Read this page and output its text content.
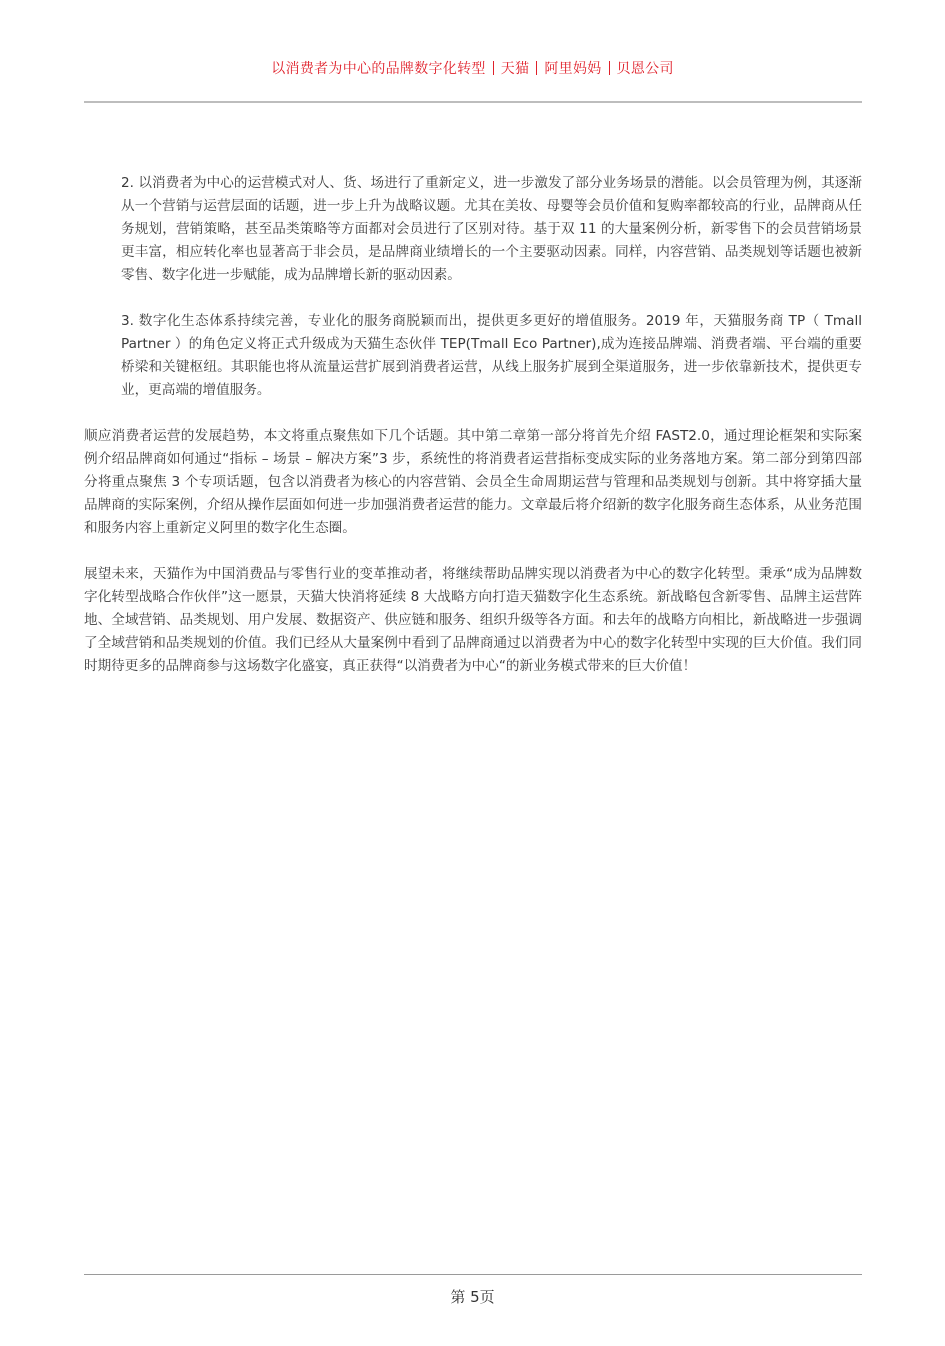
以消费者为中心的品牌数字化转型 天猫 阿里妈妈 贝恩公司

2. 以消费者为中心的运营模式对人、货、场进行了重新定义，进一步激发了部分业务场景的潜能。以会员管理为例，其逐渐从一个营销与运营层面的话题，进一步上升为战略议题。尤其在美妆、母婴等会员价值和复购率都较高的行业，品牌商从任务规划，营销策略，甚至品类策略等方面都对会员进行了区别对待。基于双 11 的大量案例分析，新零售下的会员营销场景更丰富，相应转化率也显著高于非会员，是品牌商业绩增长的一个主要驱动因素。同样，内容营销、品类规划等话题也被新零售、数字化进一步赋能，成为品牌增长新的驱动因素。

3. 数字化生态体系持续完善，专业化的服务商脱颖而出，提供更多更好的增值服务。2019 年，天猫服务商 TP（ Tmall Partner ）的角色定义将正式升级成为天猫生态伙伴 TEP(Tmall Eco Partner),成为连接品牌端、消费者端、平台端的重要桥梁和关键枢纽。其职能也将从流量运营扩展到消费者运营，从线上服务扩展到全渠道服务，进一步依靠新技术，提供更专业，更高端的增值服务。

顺应消费者运营的发展趋势，本文将重点聚焦如下几个话题。其中第二章第一部分将首先介绍 FAST2.0，通过理论框架和实际案例介绍品牌商如何通过“指标 – 场景 – 解决方案”3 步，系统性的将消费者运营指标变成实际的业务落地方案。第二部分到第四部分将重点聚焦 3 个专项话题，包含以消费者为核心的内容营销、会员全生命周期运营与管理和品类规划与创新。其中将穿插大量品牌商的实际案例，介绍从操作层面如何进一步加强消费者运营的能力。文章最后将介绍新的数字化服务商生态体系，从业务范围和服务内容上重新定义阿里的数字化生态圈。

展望未来，天猫作为中国消费品与零售行业的变革推动者，将继续帮助品牌实现以消费者为中心的数字化转型。秉承“成为品牌数字化转型战略合作伙伴”这一愿景，天猫大快消将延续 8 大战略方向打造天猫数字化生态系统。新战略包含新零售、品牌主运营阵地、全域营销、品类规划、用户发展、数据资产、供应链和服务、组织升级等各方面。和去年的战略方向相比，新战略进一步强调了全域营销和品类规划的价值。我们已经从大量案例中看到了品牌商通过以消费者为中心的数字化转型中实现的巨大价值。我们同时期待更多的品牌商参与这场数字化盛宴，真正获得“以消费者为中心“的新业务模式带来的巨大价值！

第 5页
